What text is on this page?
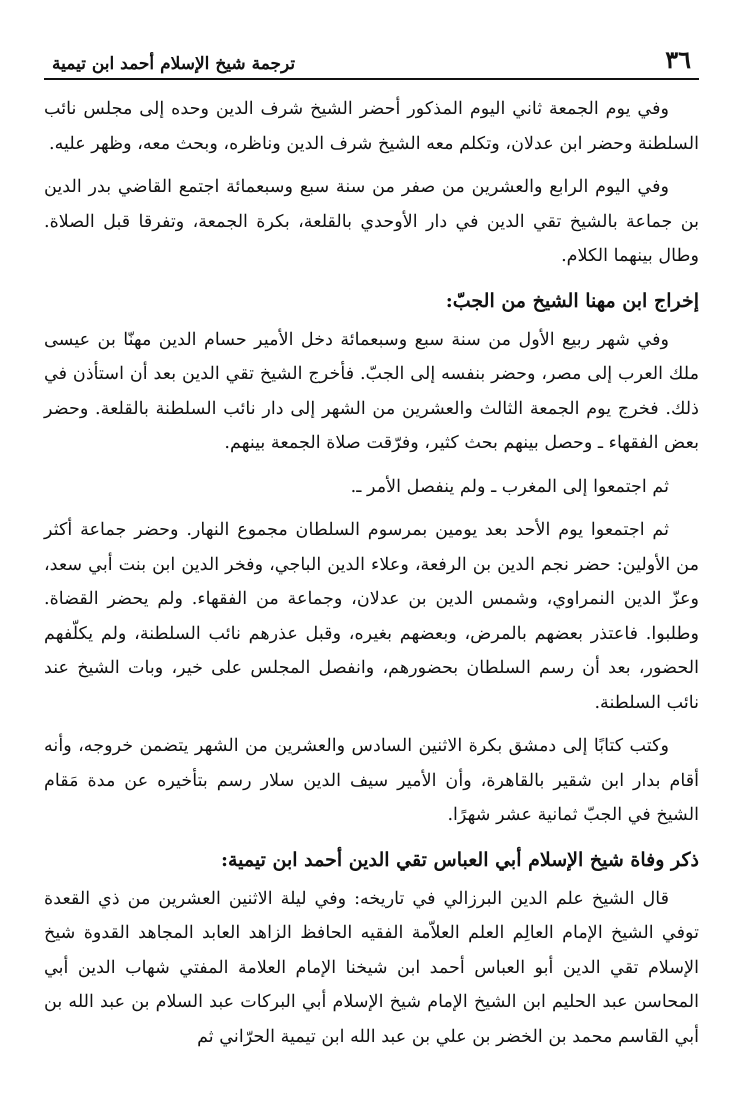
٣٦
ترجمة شيخ الإسلام أحمد ابن تيمية

وفي يوم الجمعة ثاني اليوم المذكور أحضر الشيخ شرف الدين وحده إلى مجلس نائب السلطنة وحضر ابن عدلان، وتكلم معه الشيخ شرف الدين وناظره، وبحث معه، وظهر عليه.

وفي اليوم الرابع والعشرين من صفر من سنة سبع وسبعمائة اجتمع القاضي بدر الدين بن جماعة بالشيخ تقي الدين في دار الأوحدي بالقلعة، بكرة الجمعة، وتفرقا قبل الصلاة. وطال بينهما الكلام.

إخراج ابن مهنا الشيخ من الجبّ:

وفي شهر ربيع الأول من سنة سبع وسبعمائة دخل الأمير حسام الدين مهنّا بن عيسى ملك العرب إلى مصر، وحضر بنفسه إلى الجبّ. فأخرج الشيخ تقي الدين بعد أن استأذن في ذلك. فخرج يوم الجمعة الثالث والعشرين من الشهر إلى دار نائب السلطنة بالقلعة. وحضر بعض الفقهاء ـ وحصل بينهم بحث كثير، وفرّقت صلاة الجمعة بينهم.

ثم اجتمعوا إلى المغرب ـ ولم ينفصل الأمر ـ.

ثم اجتمعوا يوم الأحد بعد يومين بمرسوم السلطان مجموع النهار. وحضر جماعة أكثر من الأولين: حضر نجم الدين بن الرفعة، وعلاء الدين الباجي، وفخر الدين ابن بنت أبي سعد، وعزّ الدين النمراوي، وشمس الدين بن عدلان، وجماعة من الفقهاء. ولم يحضر القضاة. وطلبوا. فاعتذر بعضهم بالمرض، وبعضهم بغيره، وقبل عذرهم نائب السلطنة، ولم يكلّفهم الحضور، بعد أن رسم السلطان بحضورهم، وانفصل المجلس على خير، وبات الشيخ عند نائب السلطنة.

وكتب كتابًا إلى دمشق بكرة الاثنين السادس والعشرين من الشهر يتضمن خروجه، وأنه أقام بدار ابن شقير بالقاهرة، وأن الأمير سيف الدين سلار رسم بتأخيره عن مدة مَقام الشيخ في الجبّ ثمانية عشر شهرًا.

ذكر وفاة شيخ الإسلام أبي العباس تقي الدين أحمد ابن تيمية:

قال الشيخ علم الدين البرزالي في تاريخه: وفي ليلة الاثنين العشرين من ذي القعدة توفي الشيخ الإمام العالِم العلم العلاّمة الفقيه الحافظ الزاهد العابد المجاهد القدوة شيخ الإسلام تقي الدين أبو العباس أحمد ابن شيخنا الإمام العلامة المفتي شهاب الدين أبي المحاسن عبد الحليم ابن الشيخ الإمام شيخ الإسلام أبي البركات عبد السلام بن عبد الله بن أبي القاسم محمد بن الخضر بن علي بن عبد الله ابن تيمية الحرّاني ثم
